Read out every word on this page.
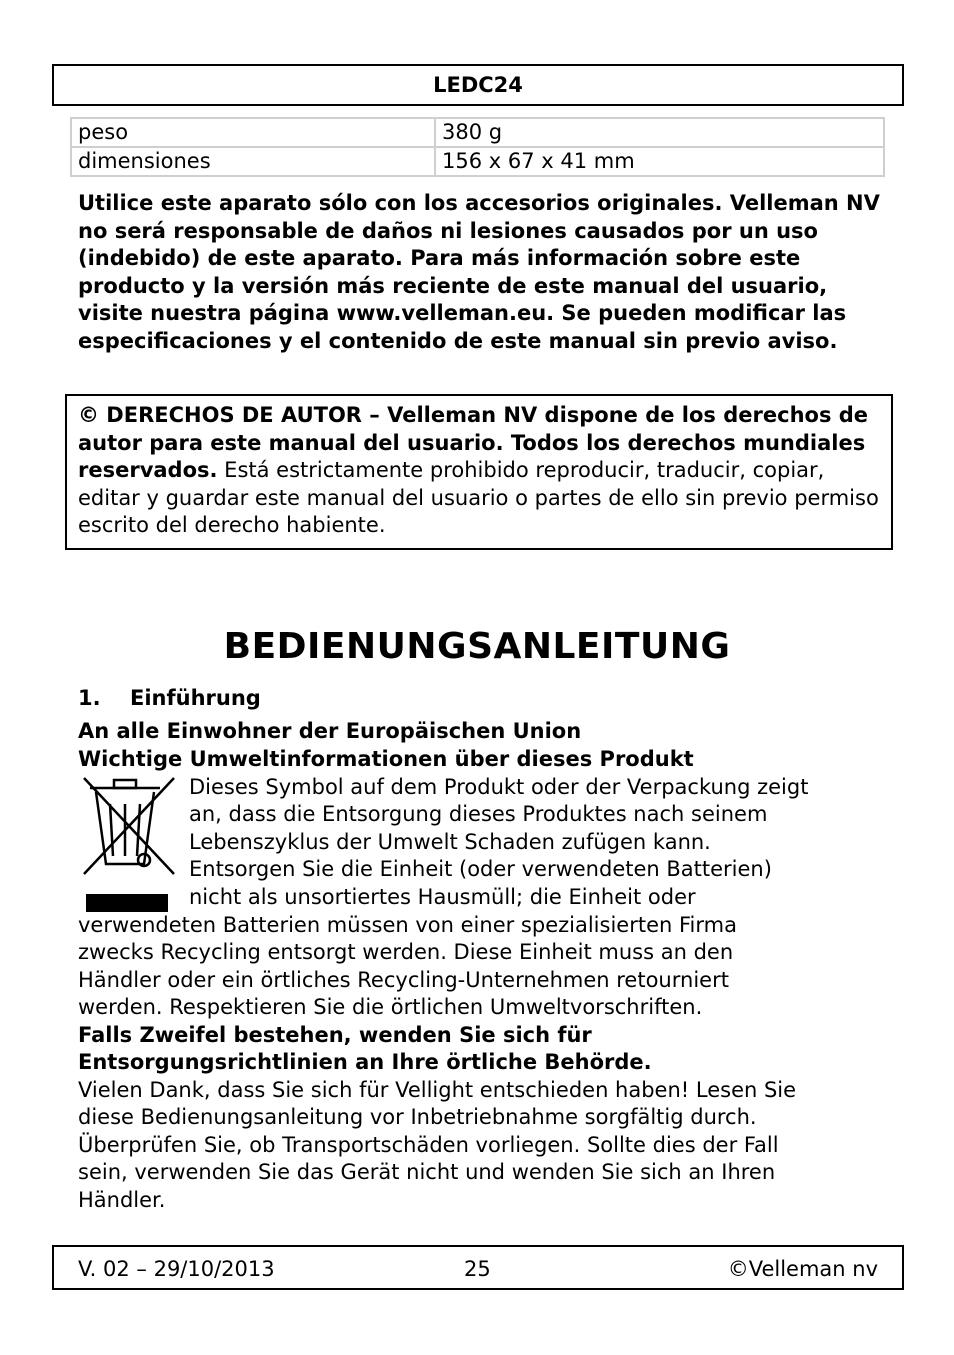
LEDC24
peso	380 g
dimensiones	156 x 67 x 41 mm
Utilice este aparato sólo con los accesorios originales. Velleman NV no será responsable de daños ni lesiones causados por un uso (indebido) de este aparato. Para más información sobre este producto y la versión más reciente de este manual del usuario, visite nuestra página www.velleman.eu. Se pueden modificar las especificaciones y el contenido de este manual sin previo aviso.
© DERECHOS DE AUTOR – Velleman NV dispone de los derechos de autor para este manual del usuario. Todos los derechos mundiales reservados. Está estrictamente prohibido reproducir, traducir, copiar, editar y guardar este manual del usuario o partes de ello sin previo permiso escrito del derecho habiente.
BEDIENUNGSANLEITUNG
1. Einführung
An alle Einwohner der Europäischen Union
Wichtige Umweltinformationen über dieses Produkt
Dieses Symbol auf dem Produkt oder der Verpackung zeigt
an, dass die Entsorgung dieses Produktes nach seinem
Lebenszyklus der Umwelt Schaden zufügen kann.
Entsorgen Sie die Einheit (oder verwendeten Batterien)
nicht als unsortiertes Hausmüll; die Einheit oder
verwendeten Batterien müssen von einer spezialisierten Firma
zwecks Recycling entsorgt werden. Diese Einheit muss an den
Händler oder ein örtliches Recycling-Unternehmen retourniert
werden. Respektieren Sie die örtlichen Umweltvorschriften.
Falls Zweifel bestehen, wenden Sie sich für
Entsorgungsrichtlinien an Ihre örtliche Behörde.
Vielen Dank, dass Sie sich für Vellight entschieden haben! Lesen Sie
diese Bedienungsanleitung vor Inbetriebnahme sorgfältig durch.
Überprüfen Sie, ob Transportschäden vorliegen. Sollte dies der Fall
sein, verwenden Sie das Gerät nicht und wenden Sie sich an Ihren
Händler.
V. 02 – 29/10/2013	25	©Velleman nv
